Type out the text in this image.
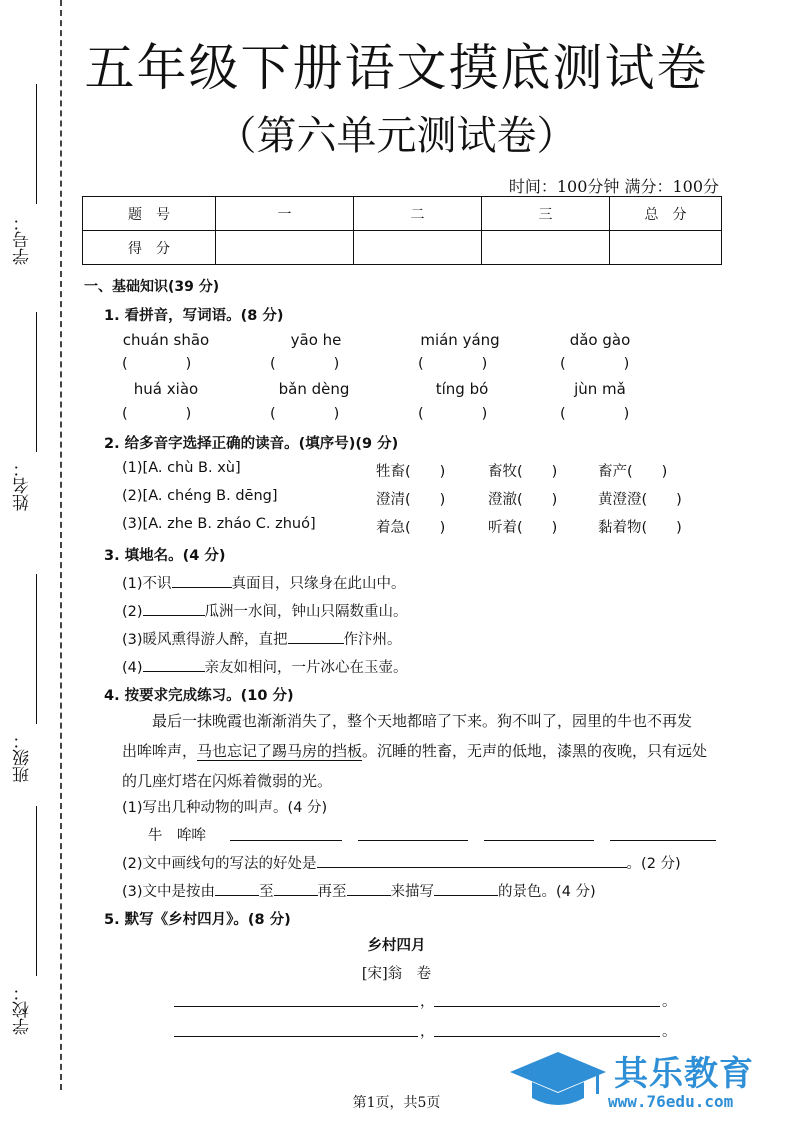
学号：
姓名：
班级：
学校：
五年级下册语文摸底测试卷
（第六单元测试卷）
时间：100分钟 满分：100分
题　号	一	二	三	总　分
得　分				
一、基础知识(39 分)
1. 看拼音，写词语。(8 分)
chuán shāo	yāo he	mián yáng	dǎo gào
(　　　　)	(　　　　)	(　　　　)	(　　　　)
huá xiào	bǎn dèng	tíng bó	jùn mǎ
(　　　　)	(　　　　)	(　　　　)	(　　　　)
2. 给多音字选择正确的读音。(填序号)(9 分)
(1)[A. chù B. xù]	牲畜(　　)	畜牧(　　)	畜产(　　)
(2)[A. chéng B. dēng]	澄清(　　)	澄澈(　　)	黄澄澄(　　)
(3)[A. zhe B. zháo C. zhuó]	着急(　　)	听着(　　)	黏着物(　　)
3. 填地名。(4 分)
(1)不识	真面目，只缘身在此山中。
(2)	瓜洲一水间，钟山只隔数重山。
(3)暖风熏得游人醉，直把	作汴州。
(4)	亲友如相问，一片冰心在玉壶。
4. 按要求完成练习。(10 分)
最后一抹晚霞也渐渐消失了，整个天地都暗了下来。狗不叫了，园里的牛也不再发
出哞哞声，马也忘记了踢马房的挡板。沉睡的牲畜，无声的低地，漆黑的夜晚，只有远处
的几座灯塔在闪烁着微弱的光。
(1)写出几种动物的叫声。(4 分)
牛　哞哞
(2)文中画线句的写法的好处是	。(2 分)
(3)文中是按由	至	再至	来描写	的景色。(4 分)
5. 默写《乡村四月》。(8 分)
乡村四月
[宋]翁　卷
，	。
，	。
其乐教育
www.76edu.com
第1页，共5页
